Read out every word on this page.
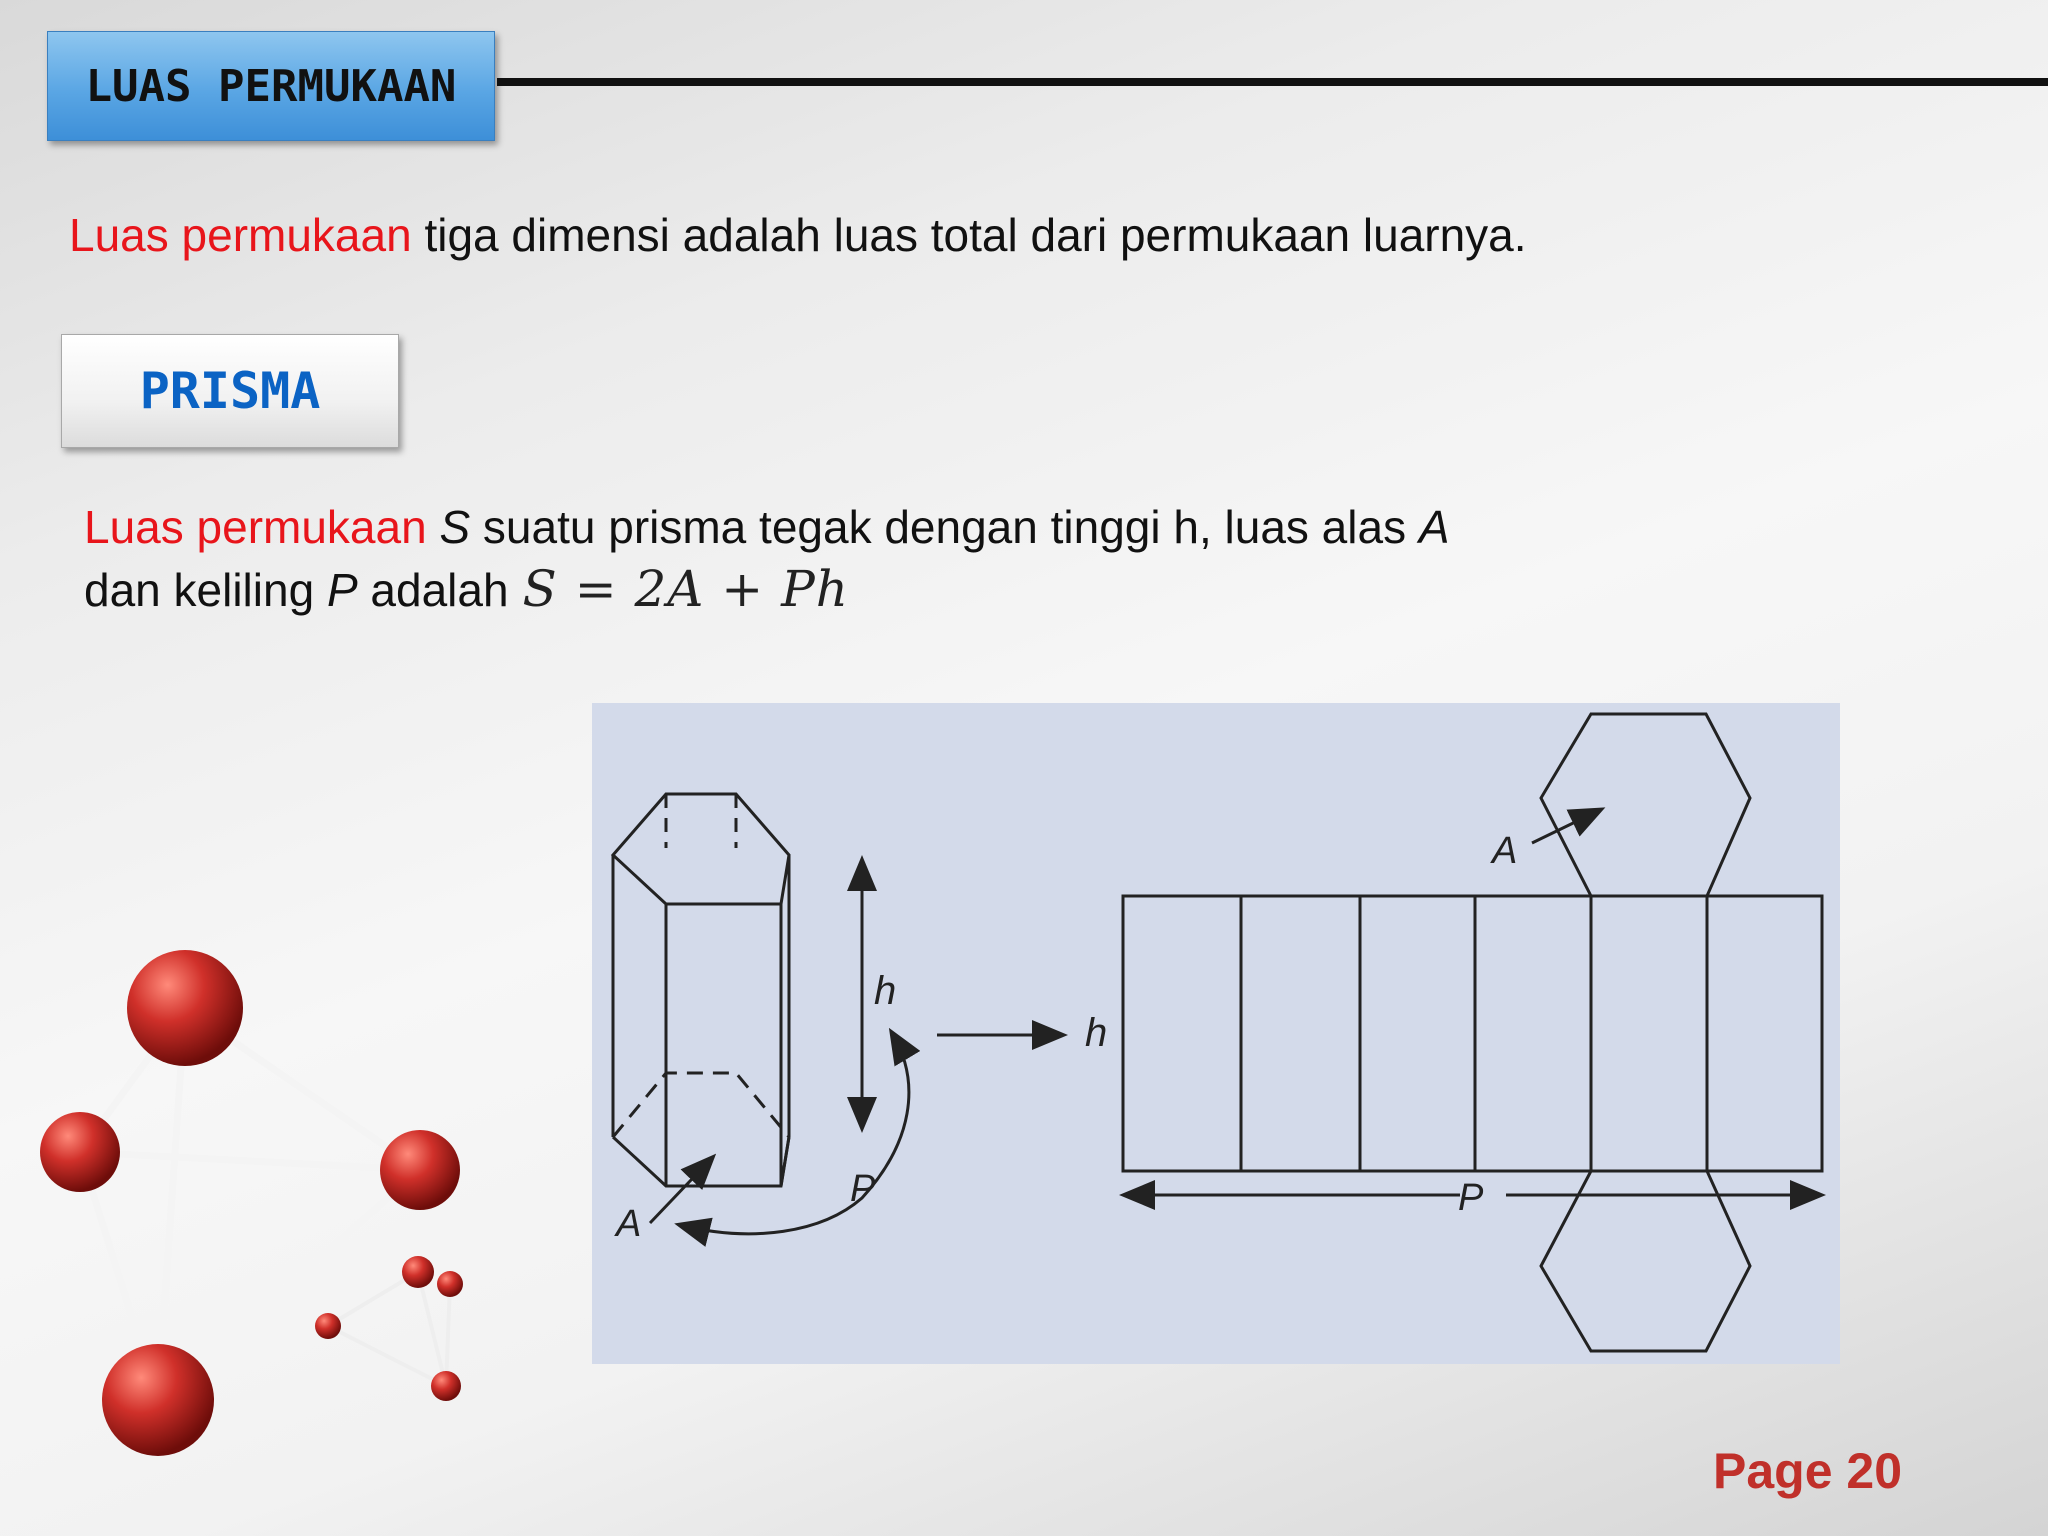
LUAS PERMUKAAN
Luas permukaan tiga dimensi adalah luas total dari permukaan luarnya.
PRISMA
Luas permukaan S suatu prisma tegak dengan tinggi h, luas alas A
dan keliling P adalah S = 2A + Ph
h
P
A
h
A
P
Page 20
